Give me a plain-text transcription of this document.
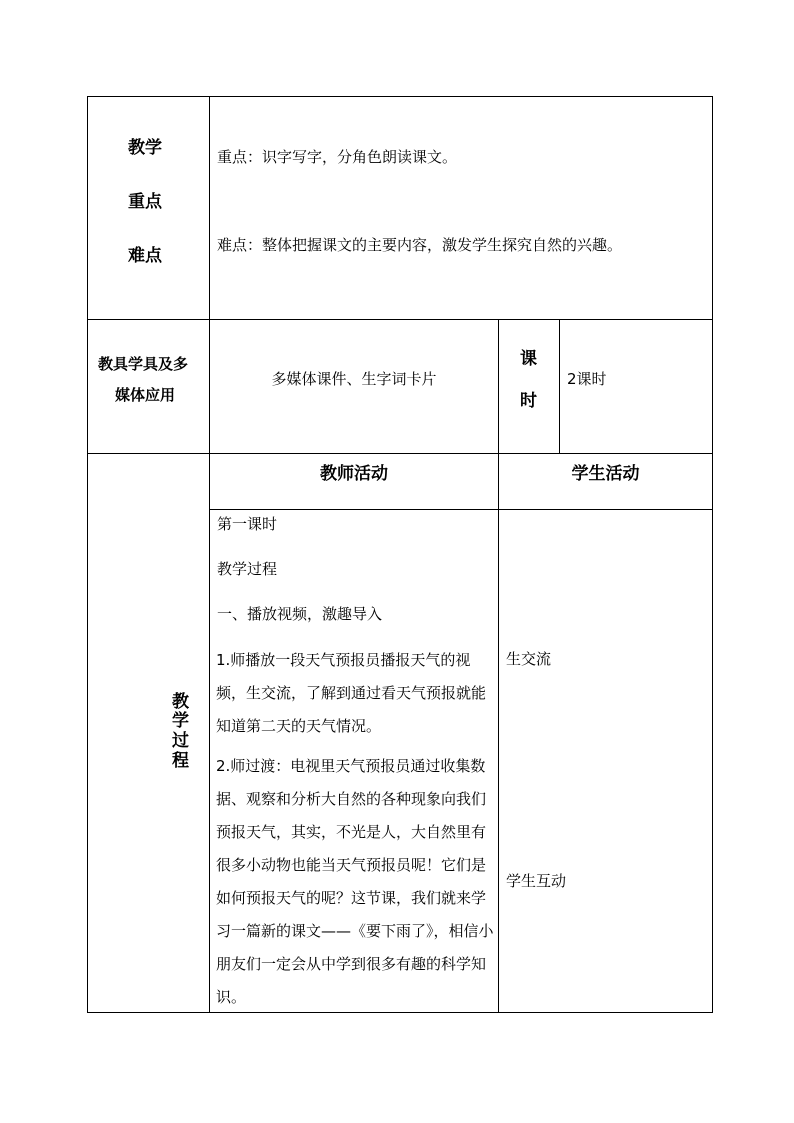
教学
重点
难点
重点：识字写字，分角色朗读课文。
难点：整体把握课文的主要内容，激发学生探究自然的兴趣。
教具学具及多
媒体应用
多媒体课件、生字词卡片
课
时
2课时
教
学
过
程
教师活动	学生活动
第一课时
教学过程
一、播放视频，激趣导入
1.师播放一段天气预报员播报天气的视频，生交流，了解到通过看天气预报就能知道第二天的天气情况。
2.师过渡：电视里天气预报员通过收集数据、观察和分析大自然的各种现象向我们预报天气，其实，不光是人，大自然里有很多小动物也能当天气预报员呢！它们是如何预报天气的呢？这节课，我们就来学习一篇新的课文——《要下雨了》，相信小朋友们一定会从中学到很多有趣的科学知识。
生交流
学生互动
